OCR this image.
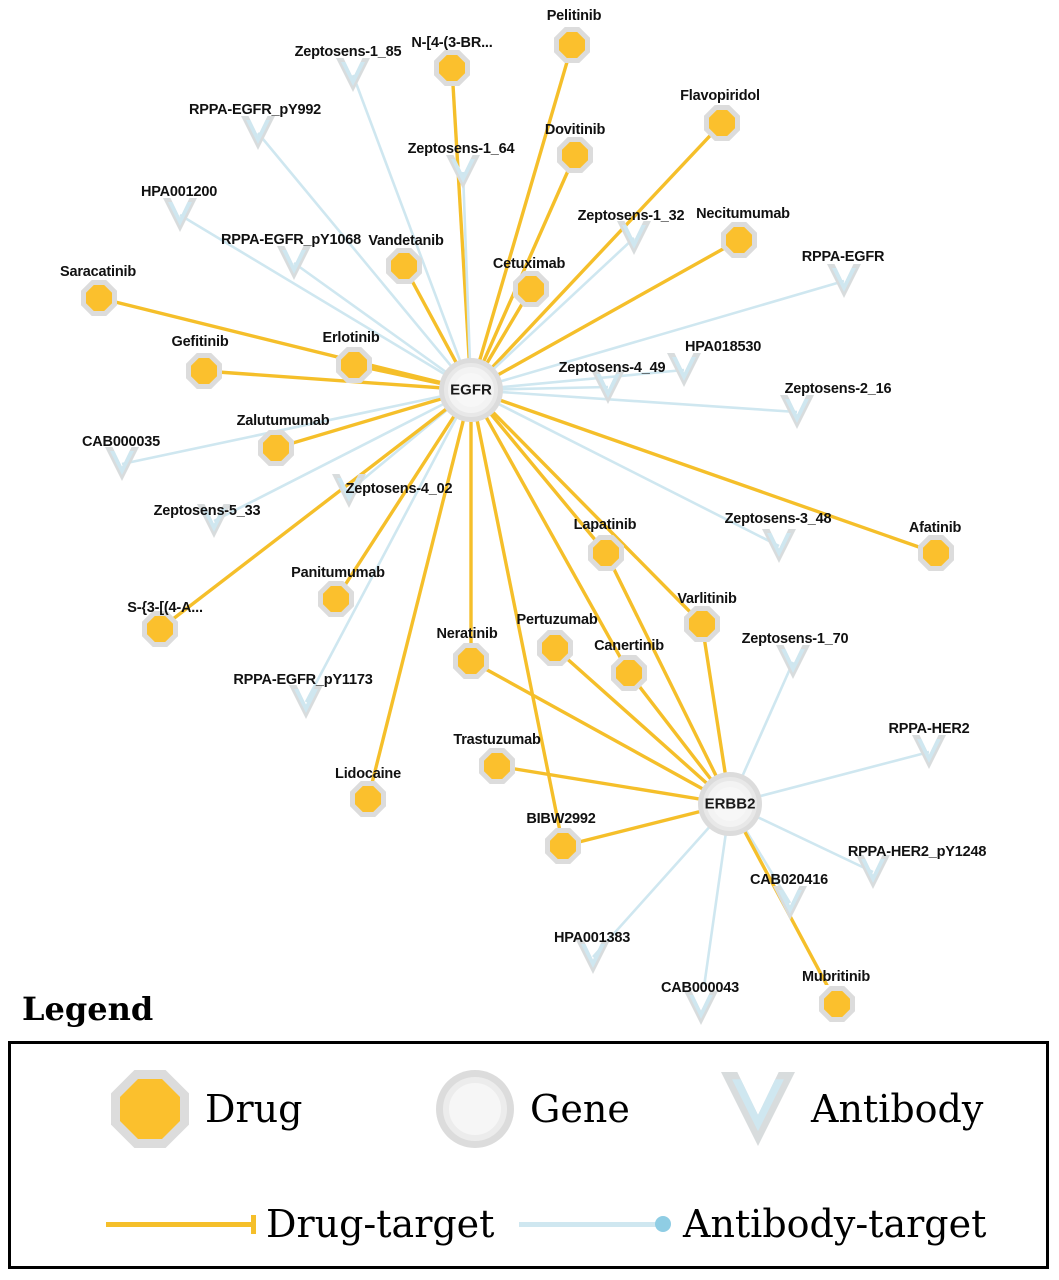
Pelitinib
N-[4-(3-BR...
Zeptosens-1_85
Flavopiridol
Dovitinib
RPPA-EGFR_pY992
Zeptosens-1_64
Necitumumab
Zeptosens-1_32
HPA001200
Vandetanib
RPPA-EGFR_pY1068
Cetuximab	RPPA-EGFR
Saracatinib
Gefitinib	Erlotinib
HPA018530
Zeptosens-4_49
Zeptosens-2_16
Zalutumumab
CAB000035
Zeptosens-4_02
Zeptosens-5_33
Afatinib
Lapatinib	Zeptosens-3_48
Panitumumab
Varlitinib
S-{3-[(4-A...
Pertuzumab
Neratinib
Canertinib	Zeptosens-1_70
RPPA-EGFR_pY1173
RPPA-HER2
Trastuzumab
Lidocaine
BIBW2992
RPPA-HER2_pY1248
CAB020416
HPA001383
Mubritinib
CAB000043
EGFR
ERBB2
Legend
Drug	Gene	Antibody
Drug-target	Antibody-target
